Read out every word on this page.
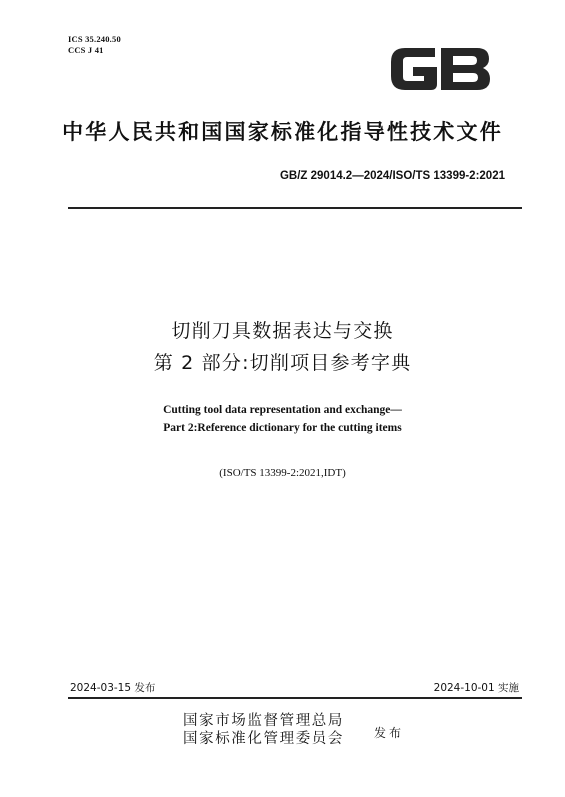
ICS 35.240.50
CCS J 41
中华人民共和国国家标准化指导性技术文件
GB/Z 29014.2—2024/ISO/TS 13399-2:2021
切削刀具数据表达与交换
第 2 部分:切削项目参考字典
Cutting tool data representation and exchange—
Part 2:Reference dictionary for the cutting items
(ISO/TS 13399-2:2021,IDT)
2024-03-15 发布	2024-10-01 实施
国家市场监督管理总局
国家标准化管理委员会	发布
